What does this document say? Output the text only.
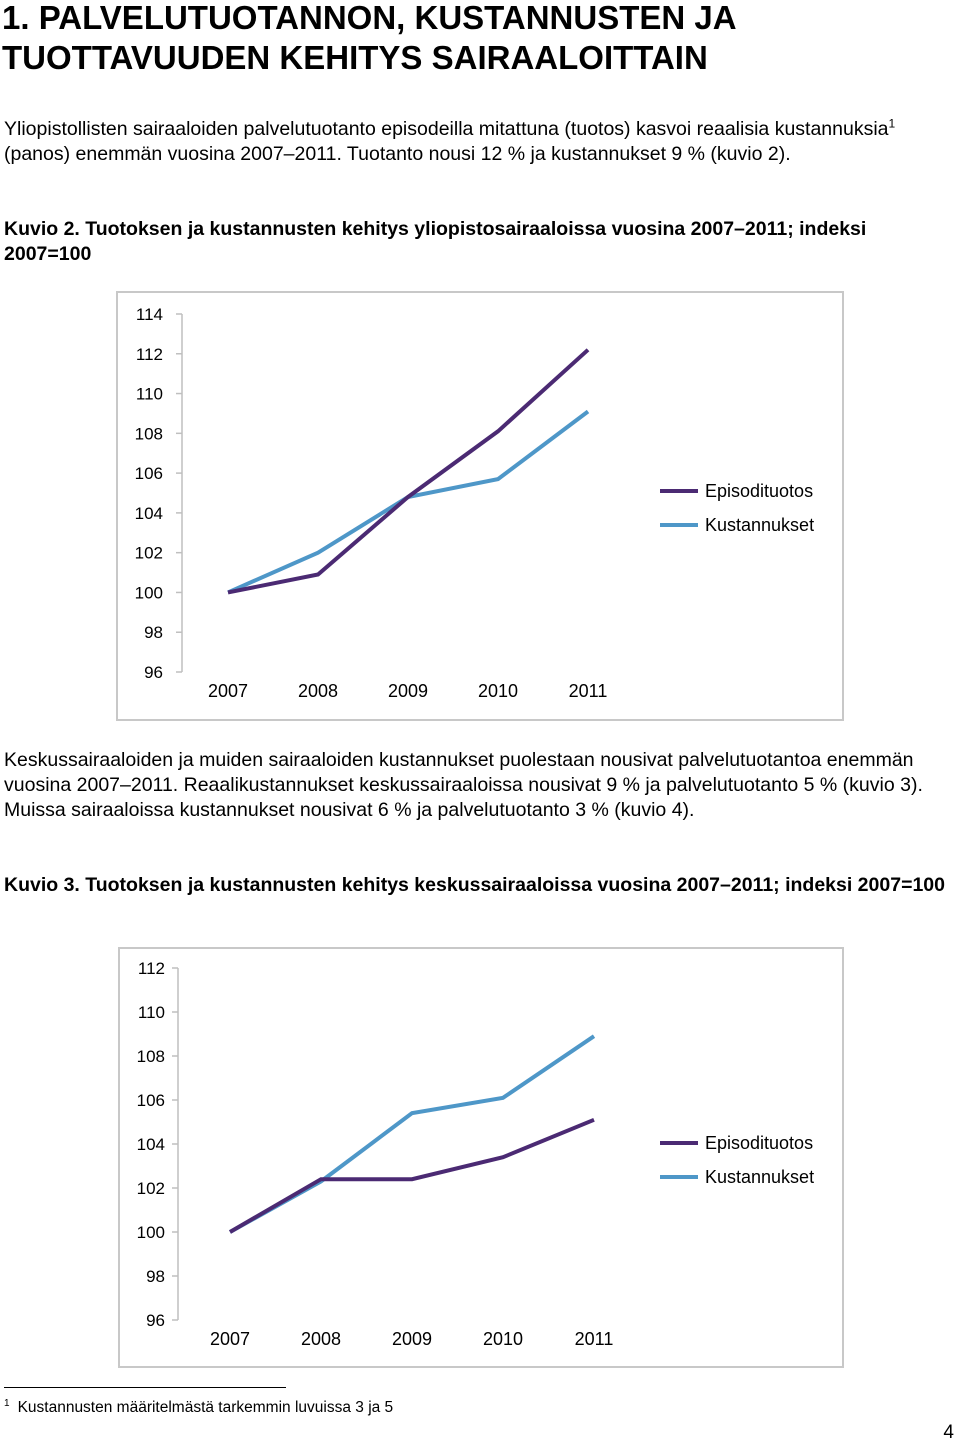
1. PALVELUTUOTANNON, KUSTANNUSTEN JA TUOTTAVUUDEN KEHITYS SAIRAALOITTAIN

Yliopistollisten sairaaloiden palvelutuotanto episodeilla mitattuna (tuotos) kasvoi reaalisia kustannuksia$^1$ (panos) enemmän vuosina 2007–2011. Tuotanto nousi 12 % ja kustannukset 9 % (kuvio 2).

Kuvio 2. Tuotoksen ja kustannusten kehitys yliopistosairaaloissa vuosina 2007–2011; indeksi 2007=100

114
112
110
108
106
104
102
100
98
96
2007	2008	2009	2010	2011
Episodituotos
Kustannukset

Keskussairaaloiden ja muiden sairaaloiden kustannukset puolestaan nousivat palvelutuotantoa enemmän vuosina 2007–2011. Reaalikustannukset keskussairaaloissa nousivat 9 % ja palvelutuotanto 5 % (kuvio 3). Muissa sairaaloissa kustannukset nousivat 6 % ja palvelutuotanto 3 % (kuvio 4).

Kuvio 3. Tuotoksen ja kustannusten kehitys keskussairaaloissa vuosina 2007–2011; indeksi 2007=100

112
110
108
106
104
102
100
98
96
2007	2008	2009	2010	2011
Episodituotos
Kustannukset

$^1$ Kustannusten määritelmästä tarkemmin luvuissa 3 ja 5

4
